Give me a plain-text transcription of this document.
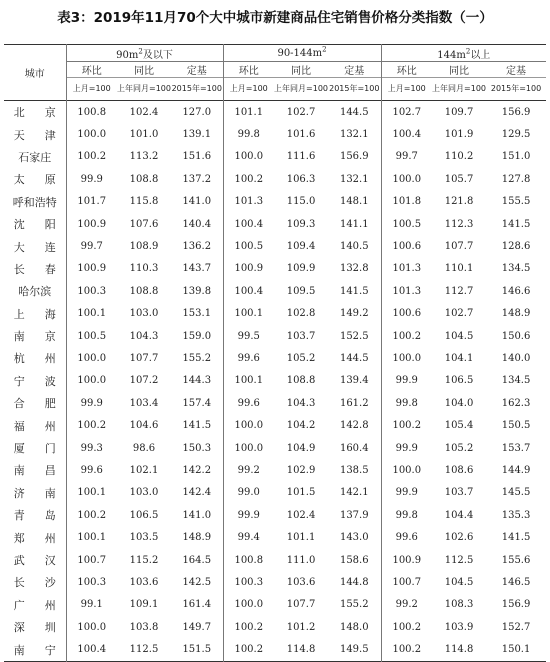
表3：2019年11月70个大中城市新建商品住宅销售价格分类指数（一）
城市	$90m^2$及以下			$90-144m^2$			$144m^2$以上		
	环比	同比	定基	环比	同比	定基	环比	同比	定基
	上月=100	上年同月=100	2015年=100	上月=100	上年同月=100	2015年=100	上月=100	上年同月=100	2015年=100

北 京	100.8	102.4	127.0	101.1	102.7	144.5	102.7	109.7	156.9

天 津	100.0	101.0	139.1	99.8	101.6	132.1	100.4	101.9	129.5

石家庄	100.2	113.2	151.6	100.0	111.6	156.9	99.7	110.2	151.0

太 原	99.9	108.8	137.2	100.2	106.3	132.1	100.0	105.7	127.8

呼和浩特	101.7	115.8	141.0	101.3	115.0	148.1	101.8	121.8	155.5

沈 阳	100.9	107.6	140.4	100.4	109.3	141.1	100.5	112.3	141.5

大 连	99.7	108.9	136.2	100.5	109.4	140.5	100.6	107.7	128.6

长 春	100.9	110.3	143.7	100.9	109.9	132.8	101.3	110.1	134.5

哈尔滨	100.3	108.8	139.8	100.4	109.5	141.5	101.3	112.7	146.6

上 海	100.1	103.0	153.1	100.1	102.8	149.2	100.6	102.7	148.9

南 京	100.5	104.3	159.0	99.5	103.7	152.5	100.2	104.5	150.6

杭 州	100.0	107.7	155.2	99.6	105.2	144.5	100.0	104.1	140.0

宁 波	100.0	107.2	144.3	100.1	108.8	139.4	99.9	106.5	134.5

合 肥	99.9	103.4	157.4	99.6	104.3	161.2	99.8	104.0	162.3

福 州	100.2	104.6	141.5	100.0	104.2	142.8	100.2	105.4	150.5

厦 门	99.3	98.6	150.3	100.0	104.9	160.4	99.9	105.2	153.7

南 昌	99.6	102.1	142.2	99.2	102.9	138.5	100.0	108.6	144.9

济 南	100.1	103.0	142.4	99.0	101.5	142.1	99.9	103.7	145.5

青 岛	100.2	106.5	141.0	99.9	102.4	137.9	99.8	104.4	135.3

郑 州	100.1	103.5	148.9	99.4	101.1	143.0	99.6	102.6	141.5

武 汉	100.7	115.2	164.5	100.8	111.0	158.6	100.9	112.5	155.6

长 沙	100.3	103.6	142.5	100.3	103.6	144.8	100.7	104.5	146.5

广 州	99.1	109.1	161.4	100.0	107.7	155.2	99.2	108.3	156.9

深 圳	100.0	103.8	149.7	100.2	101.2	148.0	100.2	103.9	152.7

南 宁	100.4	112.5	151.5	100.2	114.8	149.5	100.2	114.8	150.1
